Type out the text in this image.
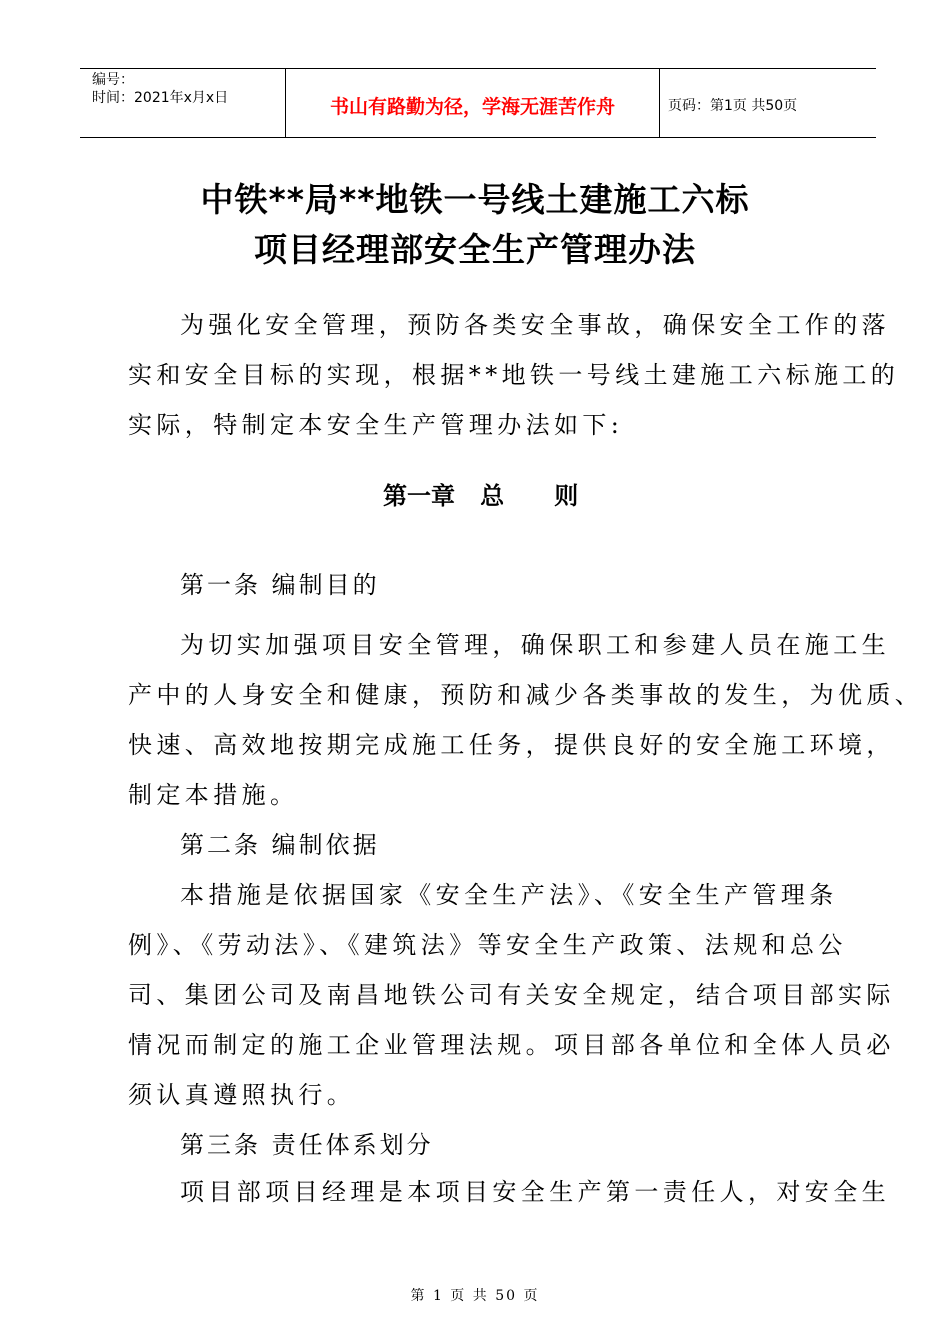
编号：
时间：2021年x月x日	书山有路勤为径，学海无涯苦作舟	页码：第1页 共50页
中铁**局**地铁一号线土建施工六标
项目经理部安全生产管理办法
为强化安全管理，预防各类安全事故，确保安全工作的落
实和安全目标的实现，根据**地铁一号线土建施工六标施工的
实际，特制定本安全生产管理办法如下:
第一章   总      则
第一条 编制目的
为切实加强项目安全管理，确保职工和参建人员在施工生
产中的人身安全和健康，预防和减少各类事故的发生，为优质、
快速、高效地按期完成施工任务，提供良好的安全施工环境，
制定本措施。
第二条 编制依据
本措施是依据国家《安全生产法》、《安全生产管理条
例》、《劳动法》、《建筑法》等安全生产政策、法规和总公
司、集团公司及南昌地铁公司有关安全规定，结合项目部实际
情况而制定的施工企业管理法规。项目部各单位和全体人员必
须认真遵照执行。
第三条 责任体系划分
项目部项目经理是本项目安全生产第一责任人，对安全生
第 1 页 共 50 页
